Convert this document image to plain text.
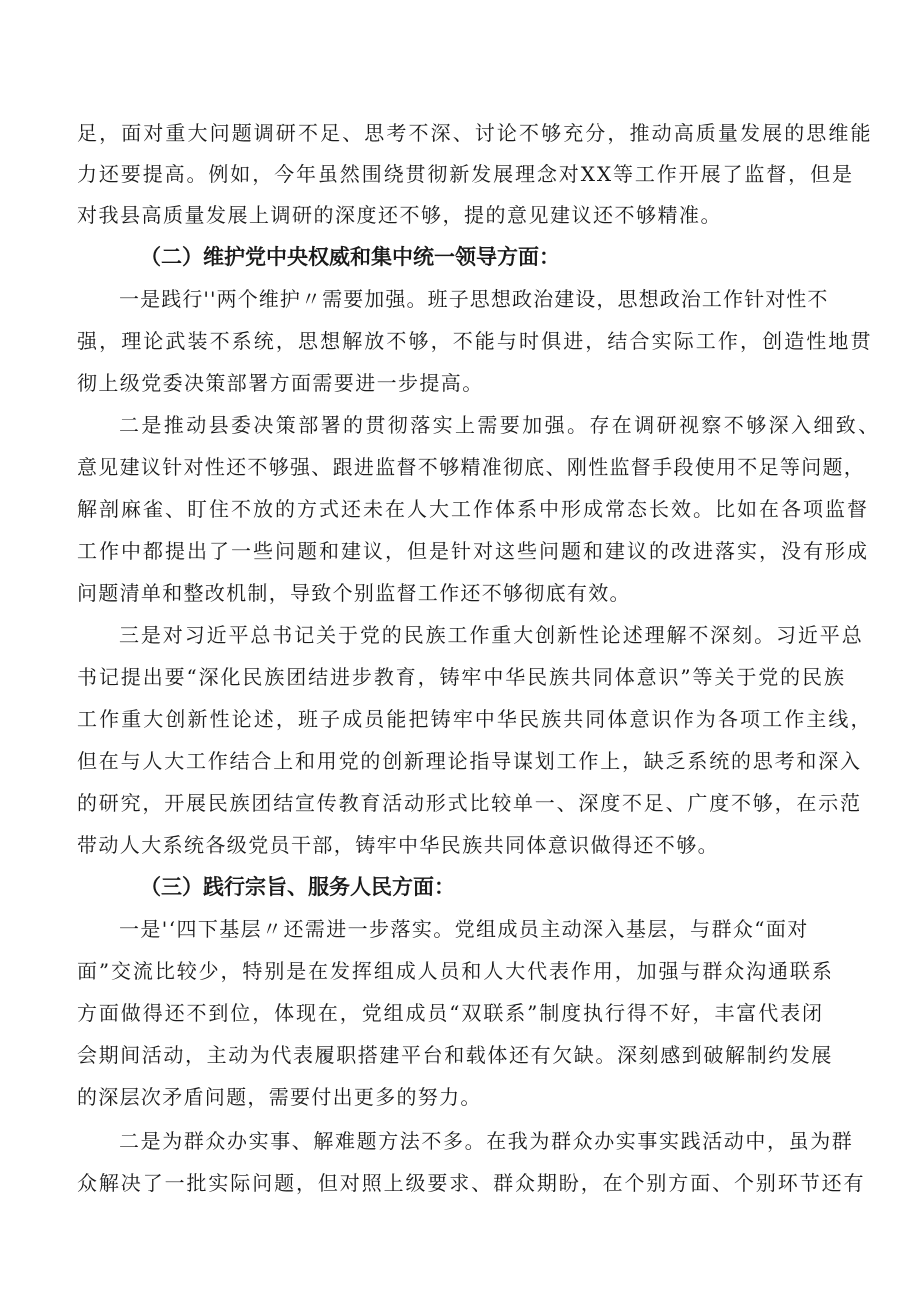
足，面对重大问题调研不足、思考不深、讨论不够充分，推动高质量发展的思维能
力还要提高。例如，今年虽然围绕贯彻新发展理念对XX等工作开展了监督，但是
对我县高质量发展上调研的深度还不够，提的意见建议还不够精准。
（二）维护党中央权威和集中统一领导方面：
一是践行''两个维护〃需要加强。班子思想政治建设，思想政治工作针对性不
强，理论武装不系统，思想解放不够，不能与时俱进，结合实际工作，创造性地贯
彻上级党委决策部署方面需要进一步提高。
二是推动县委决策部署的贯彻落实上需要加强。存在调研视察不够深入细致、
意见建议针对性还不够强、跟进监督不够精准彻底、刚性监督手段使用不足等问题，
解剖麻雀、盯住不放的方式还未在人大工作体系中形成常态长效。比如在各项监督
工作中都提出了一些问题和建议，但是针对这些问题和建议的改进落实，没有形成
问题清单和整改机制，导致个别监督工作还不够彻底有效。
三是对习近平总书记关于党的民族工作重大创新性论述理解不深刻。习近平总
书记提出要“深化民族团结进步教育，铸牢中华民族共同体意识”等关于党的民族
工作重大创新性论述，班子成员能把铸牢中华民族共同体意识作为各项工作主线，
但在与人大工作结合上和用党的创新理论指导谋划工作上，缺乏系统的思考和深入
的研究，开展民族团结宣传教育活动形式比较单一、深度不足、广度不够，在示范
带动人大系统各级党员干部，铸牢中华民族共同体意识做得还不够。
（三）践行宗旨、服务人民方面：
一是'‘四下基层〃还需进一步落实。党组成员主动深入基层，与群众“面对
面”交流比较少，特别是在发挥组成人员和人大代表作用，加强与群众沟通联系
方面做得还不到位，体现在，党组成员“双联系”制度执行得不好，丰富代表闭
会期间活动，主动为代表履职搭建平台和载体还有欠缺。深刻感到破解制约发展
的深层次矛盾问题，需要付出更多的努力。
二是为群众办实事、解难题方法不多。在我为群众办实事实践活动中，虽为群
众解决了一批实际问题，但对照上级要求、群众期盼，在个别方面、个别环节还有
